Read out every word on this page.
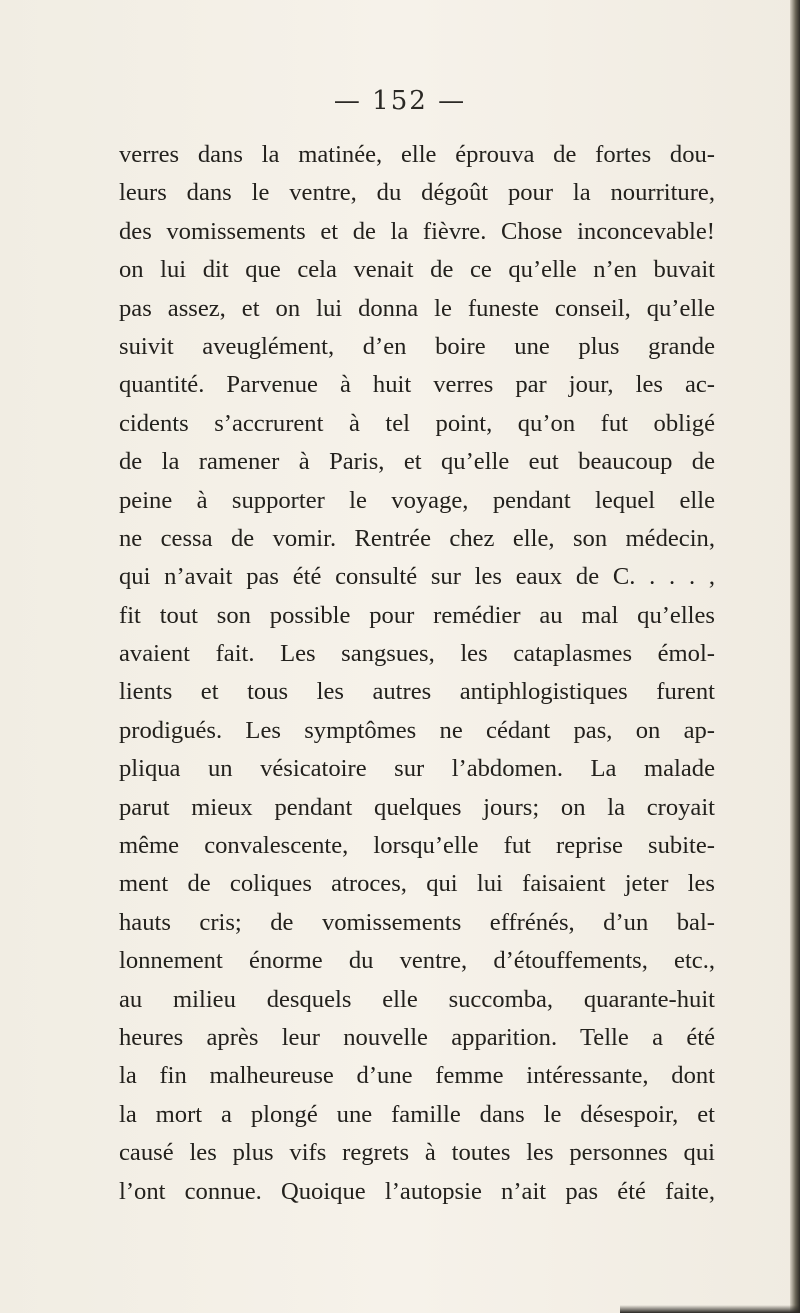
— 152 —
verres dans la matinée, elle éprouva de fortes dou-
leurs dans le ventre, du dégoût pour la nourriture,
des vomissements et de la fièvre. Chose inconcevable!
on lui dit que cela venait de ce qu’elle n’en buvait
pas assez, et on lui donna le funeste conseil, qu’elle
suivit aveuglément, d’en boire une plus grande
quantité. Parvenue à huit verres par jour, les ac-
cidents s’accrurent à tel point, qu’on fut obligé
de la ramener à Paris, et qu’elle eut beaucoup de
peine à supporter le voyage, pendant lequel elle
ne cessa de vomir. Rentrée chez elle, son médecin,
qui n’avait pas été consulté sur les eaux de C. . . . ,
fit tout son possible pour remédier au mal qu’elles
avaient fait. Les sangsues, les cataplasmes émol-
lients et tous les autres antiphlogistiques furent
prodigués. Les symptômes ne cédant pas, on ap-
pliqua un vésicatoire sur l’abdomen. La malade
parut mieux pendant quelques jours; on la croyait
même convalescente, lorsqu’elle fut reprise subite-
ment de coliques atroces, qui lui faisaient jeter les
hauts cris; de vomissements effrénés, d’un bal-
lonnement énorme du ventre, d’étouffements, etc.,
au milieu desquels elle succomba, quarante-huit
heures après leur nouvelle apparition. Telle a été
la fin malheureuse d’une femme intéressante, dont
la mort a plongé une famille dans le désespoir, et
causé les plus vifs regrets à toutes les personnes qui
l’ont connue. Quoique l’autopsie n’ait pas été faite,
